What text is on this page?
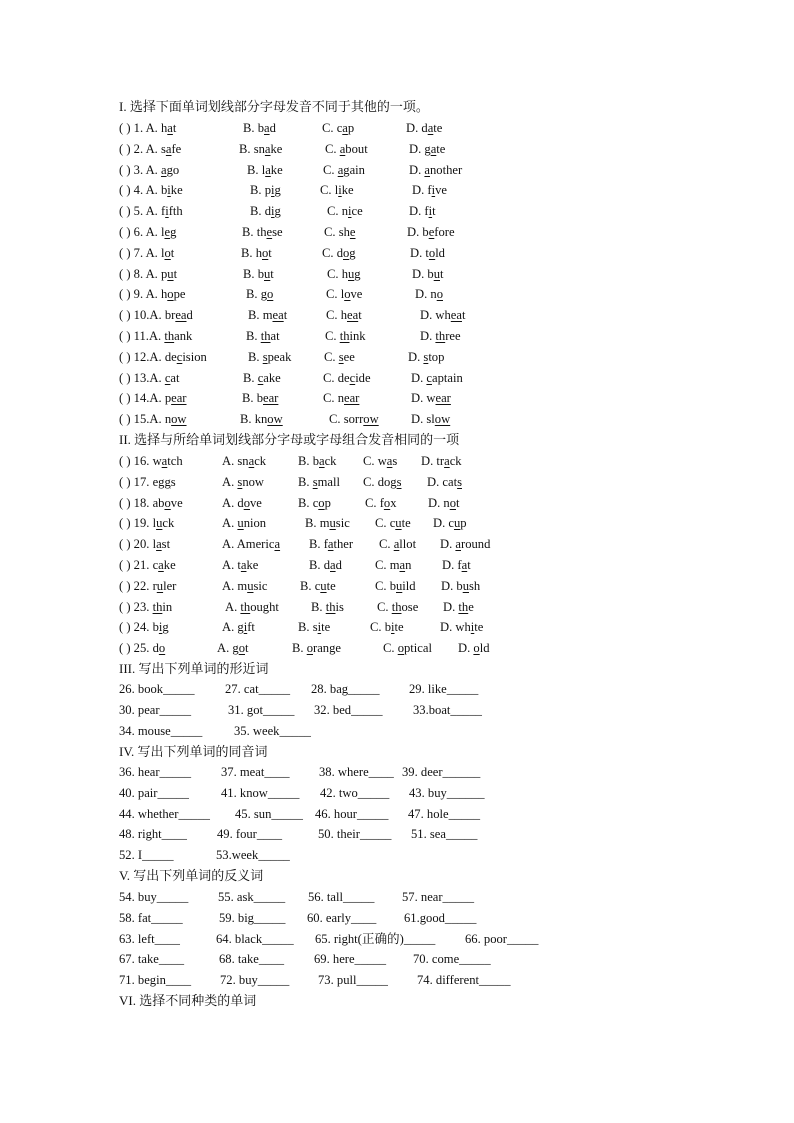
I. 选择下面单词划线部分字母发音不同于其他的一项。
( ) 1. A. hat	B. bad	C. cap	D. date
( ) 2. A. safe	B. snake	C. about	D. gate
( ) 3. A. ago	B. lake	C. again	D. another
( ) 4. A. bike	B. pig	C. like	D. five
( ) 5. A. fifth	B. dig	C. nice	D. fit
( ) 6. A. leg	B. these	C. she	D. before
( ) 7. A. lot	B. hot	C. dog	D. told
( ) 8. A. put	B. but	C. hug	D. but
( ) 9. A. hope	B. go	C. love	D. no
( ) 10.A. bread	B. meat	C. heat	D. wheat
( ) 11.A. thank	B. that	C. think	D. three
( ) 12.A. decision	B. speak	C. see	D. stop
( ) 13.A. cat	B. cake	C. decide	D. captain
( ) 14.A. pear	B. bear	C. near	D. wear
( ) 15.A. now	B. know	C. sorrow	D. slow
II. 选择与所给单词划线部分字母或字母组合发音相同的一项
( ) 16. watch	A. snack	B. back C. was D. track
( ) 17. eggs	A. snow	B. small C. dogs D. cats
( ) 18. above	A. dove	B. cop	C. fox	D. not
( ) 19. luck	A. union	B. music C. cute D. cup
( ) 20. last	A. America B. father C. allot D. around
( ) 21. cake	A. take	B. dad	C. man D. fat
( ) 22. ruler	A. music	B. cute	C. build D. bush
( ) 23. thin	A. thought	B. this	C. those D. the
( ) 24. big	A. gift	B. site	C. bite	D. white
( ) 25. do	A. got	B. orange	C. optical D. old
III. 写出下列单词的形近词
26. book_____ 27. cat_____ 28. bag_____ 29. like_____
30. pear_____	31. got_____ 32. bed_____ 33.boat_____
34. mouse_____	35. week_____
IV. 写出下列单词的同音词
36. hear_____ 37. meat____ 38. where____ 39. deer______
40. pair_____	41. know_____ 42. two_____ 43. buy______
44. whether_____ 45. sun_____ 46. hour_____ 47. hole_____
48. right____ 49. four____	50. their_____ 51. sea_____
52. I_____	53.week_____
V. 写出下列单词的反义词
54. buy_____ 55. ask_____ 56. tall_____ 57. near_____
58. fat_____	59. big_____ 60. early____ 61.good_____
63. left____	64. black_____ 65. right(正确的)_____ 66. poor_____
67. take____	68. take____ 69. here_____ 70. come_____
71. begin____ 72. buy_____ 73. pull_____ 74. different_____
VI. 选择不同种类的单词
